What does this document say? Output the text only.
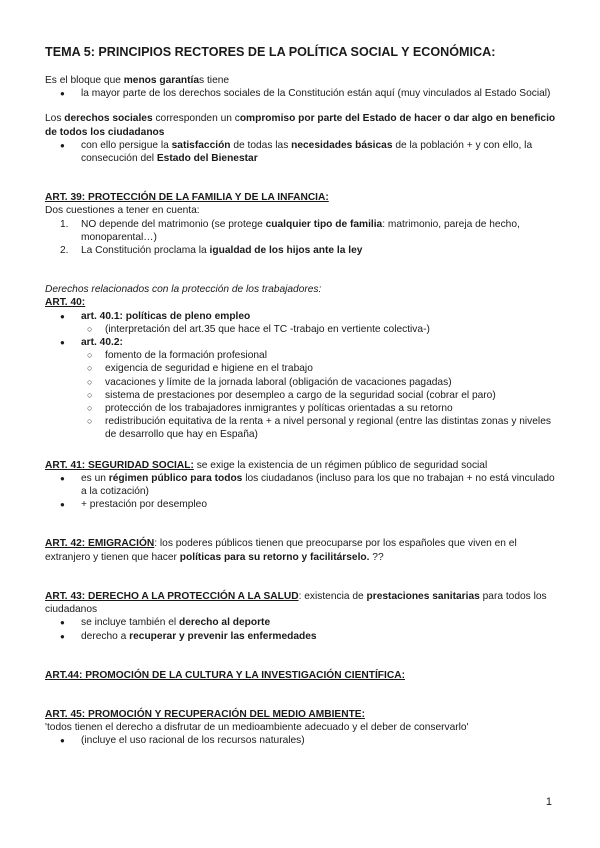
TEMA 5: PRINCIPIOS RECTORES DE LA POLÍTICA SOCIAL Y ECONÓMICA:

Es el bloque que menos garantías tiene

● la mayor parte de los derechos sociales de la Constitución están aquí (muy vinculados al Estado Social)

Los derechos sociales corresponden un compromiso por parte del Estado de hacer o dar algo en beneficio de todos los ciudadanos

● con ello persigue la satisfacción de todas las necesidades básicas de la población + y con ello, la consecución del Estado del Bienestar

ART. 39: PROTECCIÓN DE LA FAMILIA Y DE LA INFANCIA:

Dos cuestiones a tener en cuenta:

1. NO depende del matrimonio (se protege cualquier tipo de familia: matrimonio, pareja de hecho, monoparental…)
2. La Constitución proclama la igualdad de los hijos ante la ley

Derechos relacionados con la protección de los trabajadores:

ART. 40:

● art. 40.1: políticas de pleno empleo
○ (interpretación del art.35 que hace el TC -trabajo en vertiente colectiva-)
● art. 40.2:
○ fomento de la formación profesional
○ exigencia de seguridad e higiene en el trabajo
○ vacaciones y límite de la jornada laboral (obligación de vacaciones pagadas)
○ sistema de prestaciones por desempleo a cargo de la seguridad social (cobrar el paro)
○ protección de los trabajadores inmigrantes y políticas orientadas a su retorno
○ redistribución equitativa de la renta + a nivel personal y regional (entre las distintas zonas y niveles de desarrollo que hay en España)

ART. 41: SEGURIDAD SOCIAL: se exige la existencia de un régimen público de seguridad social

● es un régimen público para todos los ciudadanos (incluso para los que no trabajan + no está vinculado a la cotización)
● + prestación por desempleo

ART. 42: EMIGRACIÓN: los poderes públicos tienen que preocuparse por los españoles que viven en el extranjero y tienen que hacer políticas para su retorno y facilitárselo. ??

ART. 43: DERECHO A LA PROTECCIÓN A LA SALUD: existencia de prestaciones sanitarias para todos los ciudadanos

● se incluye también el derecho al deporte
● derecho a recuperar y prevenir las enfermedades

ART.44: PROMOCIÓN DE LA CULTURA Y LA INVESTIGACIÓN CIENTÍFICA:

ART. 45: PROMOCIÓN Y RECUPERACIÓN DEL MEDIO AMBIENTE:

'todos tienen el derecho a disfrutar de un medioambiente adecuado y el deber de conservarlo'

● (incluye el uso racional de los recursos naturales)
1
